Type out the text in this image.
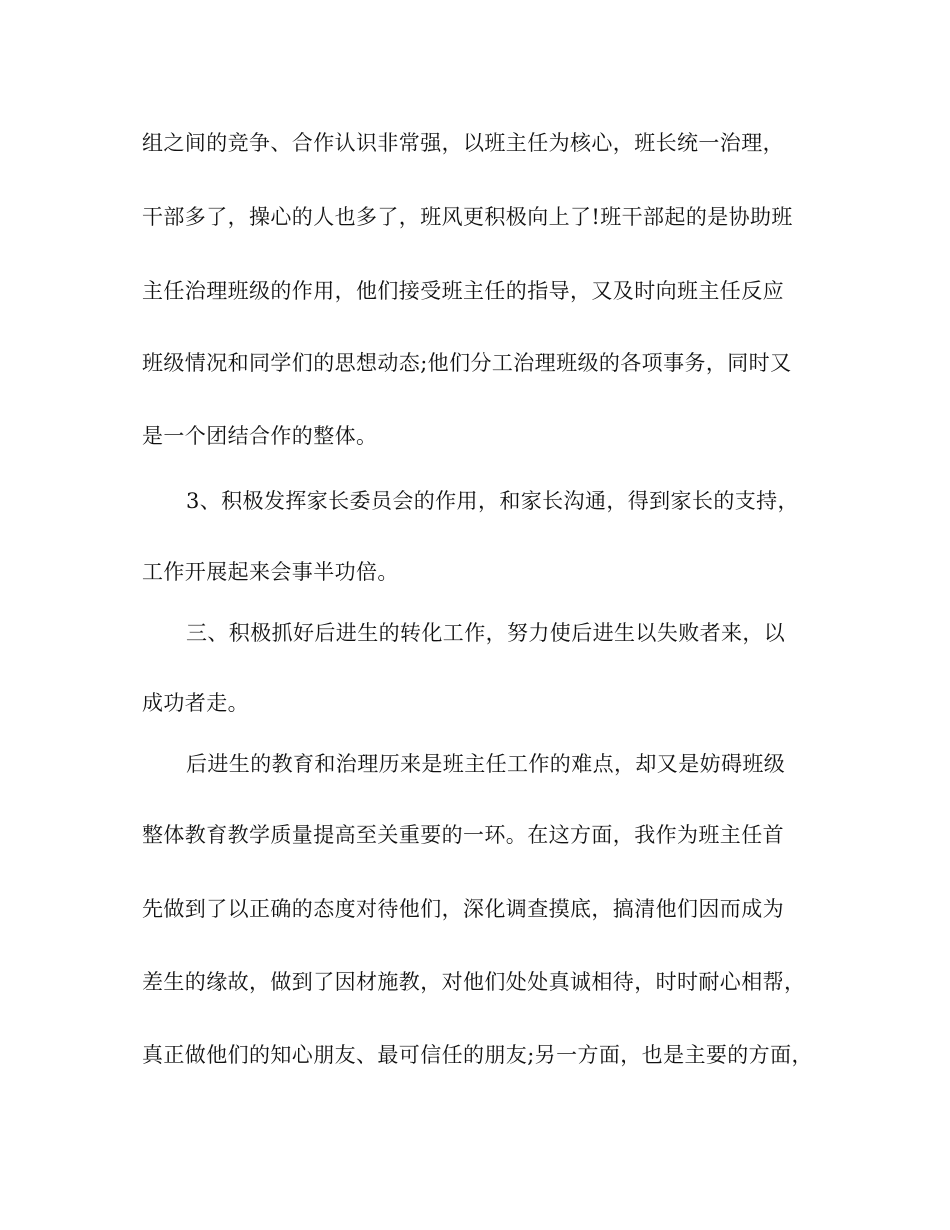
组之间的竞争、合作认识非常强，以班主任为核心，班长统一治理，
干部多了，操心的人也多了，班风更积极向上了!班干部起的是协助班
主任治理班级的作用，他们接受班主任的指导，又及时向班主任反应
班级情况和同学们的思想动态;他们分工治理班级的各项事务，同时又
是一个团结合作的整体。
3、积极发挥家长委员会的作用，和家长沟通，得到家长的支持，
工作开展起来会事半功倍。
三、积极抓好后进生的转化工作，努力使后进生以失败者来，以
成功者走。
后进生的教育和治理历来是班主任工作的难点，却又是妨碍班级
整体教育教学质量提高至关重要的一环。在这方面，我作为班主任首
先做到了以正确的态度对待他们，深化调查摸底，搞清他们因而成为
差生的缘故，做到了因材施教，对他们处处真诚相待，时时耐心相帮，
真正做他们的知心朋友、最可信任的朋友;另一方面，也是主要的方面，
